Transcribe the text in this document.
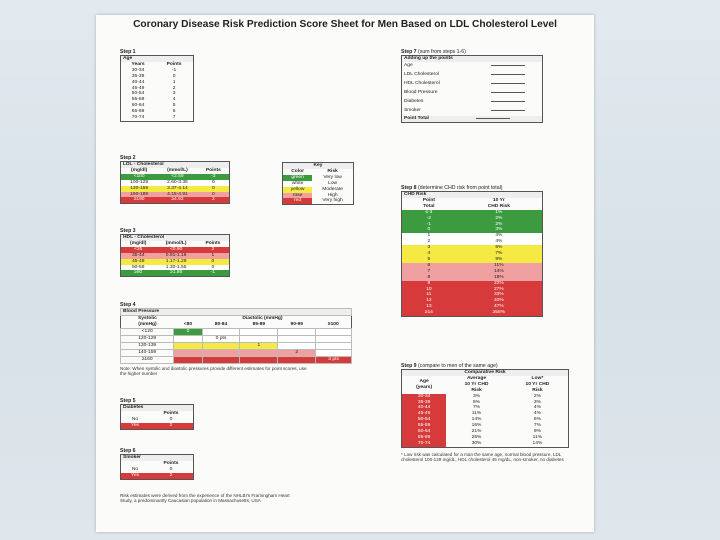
Coronary Disease Risk Prediction Score Sheet for Men Based on LDL Cholesterol Level
Step 1
Age	
Years	Points
30-34	-1
35-39	0
40-44	1
45-49	2
50-54	3
55-59	4
60-64	5
65-69	6
70-74	7
Step 2
LDL - Cholesterol		
(mg/dl)	(mmol/L)	Points
<100	<2.59	-3
100-129	2.60-3.36	0
130-159	3.37-4.14	0
160-189	4.15-4.91	0
≥190	≥4.92	2
Key	
Color	Risk
green	Very low
white	Low
yellow	Moderate
rose	High
red	Very high
Step 3
HDL - Cholesterol		
(mg/dl)	(mmol/L)	Points
<35	<0.90	2
35-44	0.91-1.16	1
45-49	1.17-1.29	0
50-59	1.30-1.55	0
≥60	≥1.56	-1
Step 4
Blood Pressure					
Systolic	Diastolic (mmHg)				
(mmHg)	<80	80-84	85-89	90-99	≥100
<120	0				
120-129		0 pts			
130-139			1		
140-159				2	
≥160					3 pts
Note: When systolic and diastolic pressures provide different estimates for point scores, use the higher number
Step 5
Diabetes	
	Points
No	0
Yes	2
Step 6
Smoker	
	Points
No	0
Yes	2
Risk estimates were derived from the experience of the NHLBI's Framingham Heart Study, a predominantly Caucasian population in Massachusetts, USA
Step 7 (sum from steps 1-6)
Adding up the points	
Age	
LDL Cholesterol	
HDL Cholesterol	
Blood Pressure	
Diabetes	
Smoker	
Point Total	
Step 8 (determine CHD risk from point total)
CHD Risk	
Point	10 Yr
Total	CHD Risk
≤-3	1%
-2	2%
-1	2%
0	3%
1	4%
2	4%
3	6%
4	7%
5	9%
6	11%
7	14%
8	18%
9	22%
10	27%
11	33%
12	40%
13	47%
≥14	≥56%
Step 9 (compare to men of the same age)
Comparative Risk		
Age
(years)	Average
10 Yr CHD
Risk	Low*
10 Yr CHD
Risk
30-34	3%	2%
35-39	5%	3%
40-44	7%	4%
45-49	11%	4%
50-54	14%	6%
55-59	16%	7%
60-64	21%	9%
65-69	25%	11%
70-74	30%	14%
* Low risk was calculated for a man the same age, normal blood pressure, LDL cholesterol 100-129 mg/dL, HDL cholesterol 45 mg/dL, non-smoker, no diabetes
